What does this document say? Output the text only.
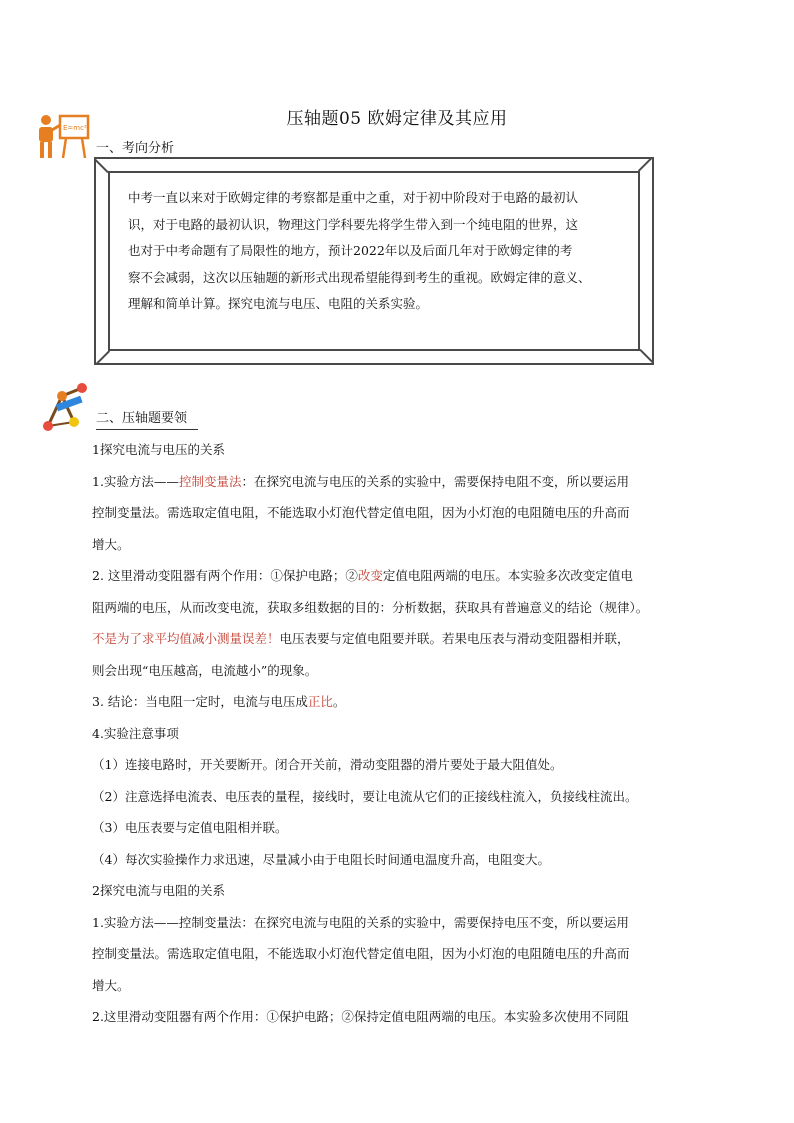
压轴题05 欧姆定律及其应用
E=mc²
一、考向分析
中考一直以来对于欧姆定律的考察都是重中之重，对于初中阶段对于电路的最初认
识，对于电路的最初认识，物理这门学科要先将学生带入到一个纯电阻的世界，这
也对于中考命题有了局限性的地方，预计2022年以及后面几年对于欧姆定律的考
察不会减弱，这次以压轴题的新形式出现希望能得到考生的重视。欧姆定律的意义、
理解和简单计算。探究电流与电压、电阻的关系实验。
二、压轴题要领
1探究电流与电压的关系
1.实验方法——控制变量法：在探究电流与电压的关系的实验中，需要保持电阻不变，所以要运用
控制变量法。需选取定值电阻，不能选取小灯泡代替定值电阻，因为小灯泡的电阻随电压的升高而
增大。
2. 这里滑动变阻器有两个作用：①保护电路；②改变定值电阻两端的电压。本实验多次改变定值电
阻两端的电压，从而改变电流，获取多组数据的目的：分析数据，获取具有普遍意义的结论（规律）。
不是为了求平均值减小测量误差！电压表要与定值电阻要并联。若果电压表与滑动变阻器相并联，
则会出现“电压越高，电流越小”的现象。
3. 结论：当电阻一定时，电流与电压成正比。
4.实验注意事项
（1）连接电路时，开关要断开。闭合开关前，滑动变阻器的滑片要处于最大阻值处。
（2）注意选择电流表、电压表的量程，接线时，要让电流从它们的正接线柱流入，负接线柱流出。
（3）电压表要与定值电阻相并联。
（4）每次实验操作力求迅速，尽量减小由于电阻长时间通电温度升高，电阻变大。
2探究电流与电阻的关系
1.实验方法——控制变量法：在探究电流与电阻的关系的实验中，需要保持电压不变，所以要运用
控制变量法。需选取定值电阻，不能选取小灯泡代替定值电阻，因为小灯泡的电阻随电压的升高而
增大。
2.这里滑动变阻器有两个作用：①保护电路；②保持定值电阻两端的电压。本实验多次使用不同阻
